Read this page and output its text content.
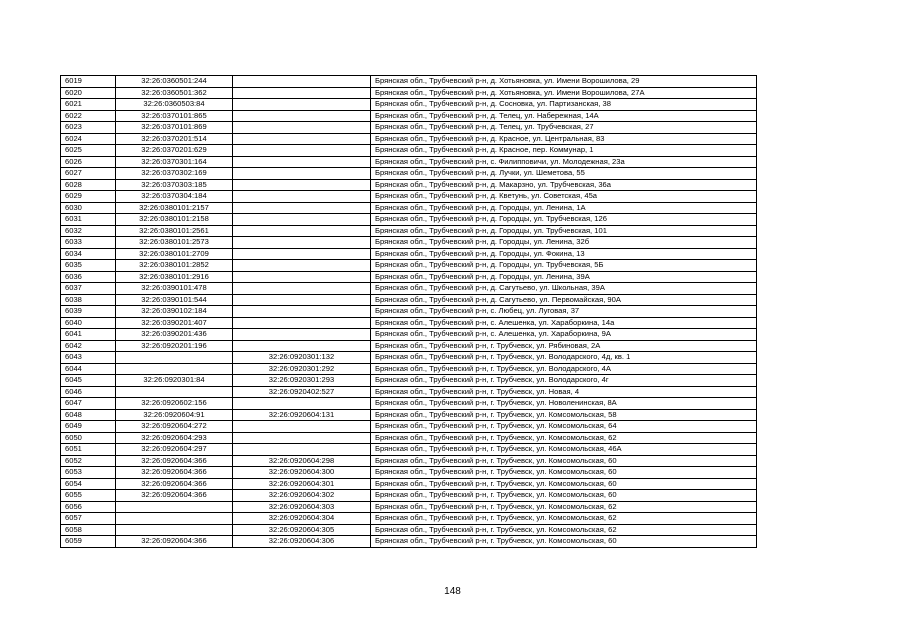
6019	32:26:0360501:244		Брянская обл., Трубчевский р-н, д. Хотьяновка, ул. Имени Ворошилова, 29
6020	32:26:0360501:362		Брянская обл., Трубчевский р-н, д. Хотьяновка, ул. Имени Ворошилова, 27А
6021	32:26:0360503:84		Брянская обл., Трубчевский р-н, д. Сосновка, ул. Партизанская, 38
6022	32:26:0370101:865		Брянская обл., Трубчевский р-н, д. Телец, ул. Набережная, 14А
6023	32:26:0370101:869		Брянская обл., Трубчевский р-н, д. Телец, ул. Трубчевская, 27
6024	32:26:0370201:514		Брянская обл., Трубчевский р-н, д. Красное, ул. Центральная, 83
6025	32:26:0370201:629		Брянская обл., Трубчевский р-н, д. Красное, пер. Коммунар, 1
6026	32:26:0370301:164		Брянская обл., Трубчевский р-н, с. Филипповичи, ул. Молодежная, 23а
6027	32:26:0370302:169		Брянская обл., Трубчевский р-н, д. Лучки, ул. Шеметова, 55
6028	32:26:0370303:185		Брянская обл., Трубчевский р-н, д. Макарзно, ул. Трубчевская, 36а
6029	32:26:0370304:184		Брянская обл., Трубчевский р-н, д. Кветунь, ул. Советская, 45а
6030	32:26:0380101:2157		Брянская обл., Трубчевский р-н, д. Городцы, ул. Ленина, 1А
6031	32:26:0380101:2158		Брянская обл., Трубчевский р-н, д. Городцы, ул. Трубчевская, 126
6032	32:26:0380101:2561		Брянская обл., Трубчевский р-н, д. Городцы, ул. Трубчевская, 101
6033	32:26:0380101:2573		Брянская обл., Трубчевский р-н, д. Городцы, ул. Ленина, 32б
6034	32:26:0380101:2709		Брянская обл., Трубчевский р-н, д. Городцы, ул. Фокина, 13
6035	32:26:0380101:2852		Брянская обл., Трубчевский р-н, д. Городцы, ул. Трубчевская, 5Б
6036	32:26:0380101:2916		Брянская обл., Трубчевский р-н, д. Городцы, ул. Ленина, 39А
6037	32:26:0390101:478		Брянская обл., Трубчевский р-н, д. Сагутьево, ул. Школьная, 39А
6038	32:26:0390101:544		Брянская обл., Трубчевский р-н, д. Сагутьево, ул. Первомайская, 90А
6039	32:26:0390102:184		Брянская обл., Трубчевский р-н, с. Любец, ул. Луговая, 37
6040	32:26:0390201:407		Брянская обл., Трубчевский р-н, с. Алешенка, ул. Хараборкина, 14а
6041	32:26:0390201:436		Брянская обл., Трубчевский р-н, с. Алешенка, ул. Хараборкина, 9А
6042	32:26:0920201:196		Брянская обл., Трубчевский р-н, г. Трубчевск, ул. Рябиновая, 2А
6043		32:26:0920301:132	Брянская обл., Трубчевский р-н, г. Трубчевск, ул. Володарского, 4д, кв. 1
6044		32:26:0920301:292	Брянская обл., Трубчевский р-н, г. Трубчевск, ул. Володарского, 4А
6045	32:26:0920301:84	32:26:0920301:293	Брянская обл., Трубчевский р-н, г. Трубчевск, ул. Володарского, 4г
6046		32:26:0920402:527	Брянская обл., Трубчевский р-н, г. Трубчевск, ул. Новая, 4
6047	32:26:0920602:156		Брянская обл., Трубчевский р-н, г. Трубчевск, ул. Новоленинская, 8А
6048	32:26:0920604:91	32:26:0920604:131	Брянская обл., Трубчевский р-н, г. Трубчевск, ул. Комсомольская, 58
6049	32:26:0920604:272		Брянская обл., Трубчевский р-н, г. Трубчевск, ул. Комсомольская, 64
6050	32:26:0920604:293		Брянская обл., Трубчевский р-н, г. Трубчевск, ул. Комсомольская, 62
6051	32:26:0920604:297		Брянская обл., Трубчевский р-н, г. Трубчевск, ул. Комсомольская, 46А
6052	32:26:0920604:366	32:26:0920604:298	Брянская обл., Трубчевский р-н, г. Трубчевск, ул. Комсомольская, 60
6053	32:26:0920604:366	32:26:0920604:300	Брянская обл., Трубчевский р-н, г. Трубчевск, ул. Комсомольская, 60
6054	32:26:0920604:366	32:26:0920604:301	Брянская обл., Трубчевский р-н, г. Трубчевск, ул. Комсомольская, 60
6055	32:26:0920604:366	32:26:0920604:302	Брянская обл., Трубчевский р-н, г. Трубчевск, ул. Комсомольская, 60
6056		32:26:0920604:303	Брянская обл., Трубчевский р-н, г. Трубчевск, ул. Комсомольская, 62
6057		32:26:0920604:304	Брянская обл., Трубчевский р-н, г. Трубчевск, ул. Комсомольская, 62
6058		32:26:0920604:305	Брянская обл., Трубчевский р-н, г. Трубчевск, ул. Комсомольская, 62
6059	32:26:0920604:366	32:26:0920604:306	Брянская обл., Трубчевский р-н, г. Трубчевск, ул. Комсомольская, 60
148
